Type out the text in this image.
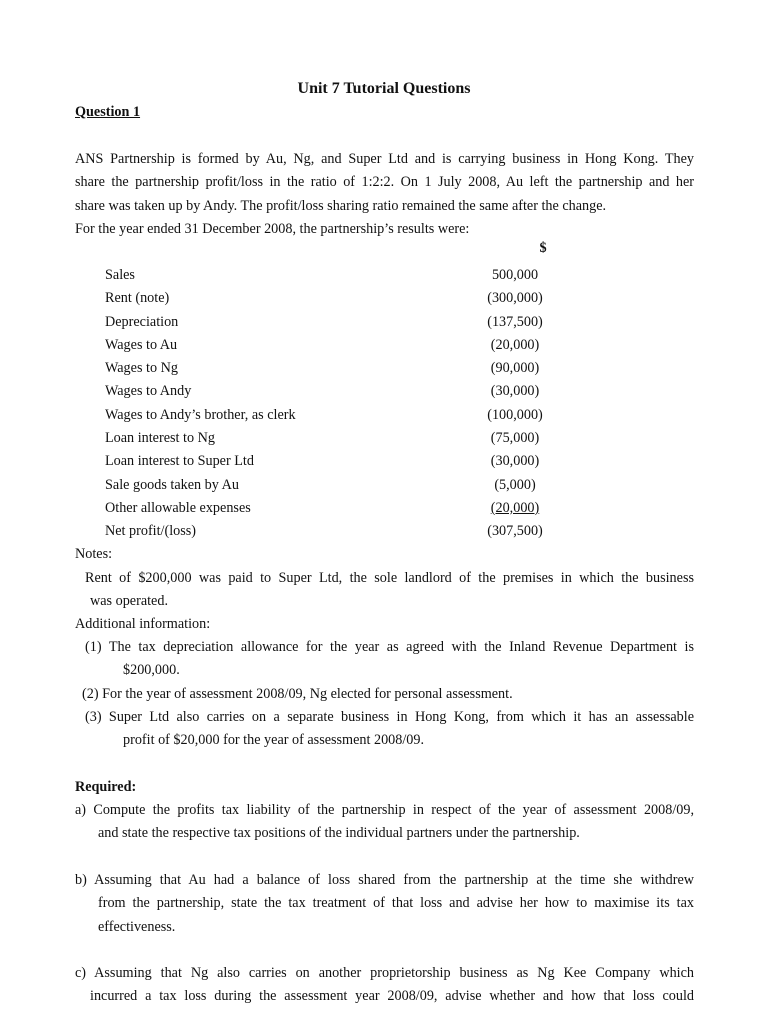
Unit 7 Tutorial Questions
Question 1
ANS Partnership is formed by Au, Ng, and Super Ltd and is carrying business in Hong Kong. They
share the partnership profit/loss in the ratio of 1:2:2. On 1 July 2008, Au left the partnership and her
share was taken up by Andy. The profit/loss sharing ratio remained the same after the change.
For the year ended 31 December 2008, the partnership’s results were:
$
Sales	500,000
Rent (note)	(300,000)
Depreciation	(137,500)
Wages to Au	(20,000)
Wages to Ng	(90,000)
Wages to Andy	(30,000)
Wages to Andy’s brother, as clerk	(100,000)
Loan interest to Ng	(75,000)
Loan interest to Super Ltd	(30,000)
Sale goods taken by Au	(5,000)
Other allowable expenses	(20,000)
Net profit/(loss)	(307,500)
Notes:
Rent of $200,000 was paid to Super Ltd, the sole landlord of the premises in which the business
was operated.
Additional information:
(1) The tax depreciation allowance for the year as agreed with the Inland Revenue Department is
$200,000.
(2) For the year of assessment 2008/09, Ng elected for personal assessment.
(3) Super Ltd also carries on a separate business in Hong Kong, from which it has an assessable
profit of $20,000 for the year of assessment 2008/09.
Required:
a) Compute the profits tax liability of the partnership in respect of the year of assessment 2008/09,
and state the respective tax positions of the individual partners under the partnership.
b) Assuming that Au had a balance of loss shared from the partnership at the time she withdrew
from the partnership, state the tax treatment of that loss and advise her how to maximise its tax
effectiveness.
c) Assuming that Ng also carries on another proprietorship business as Ng Kee Company which
incurred a tax loss during the assessment year 2008/09, advise whether and how that loss could
